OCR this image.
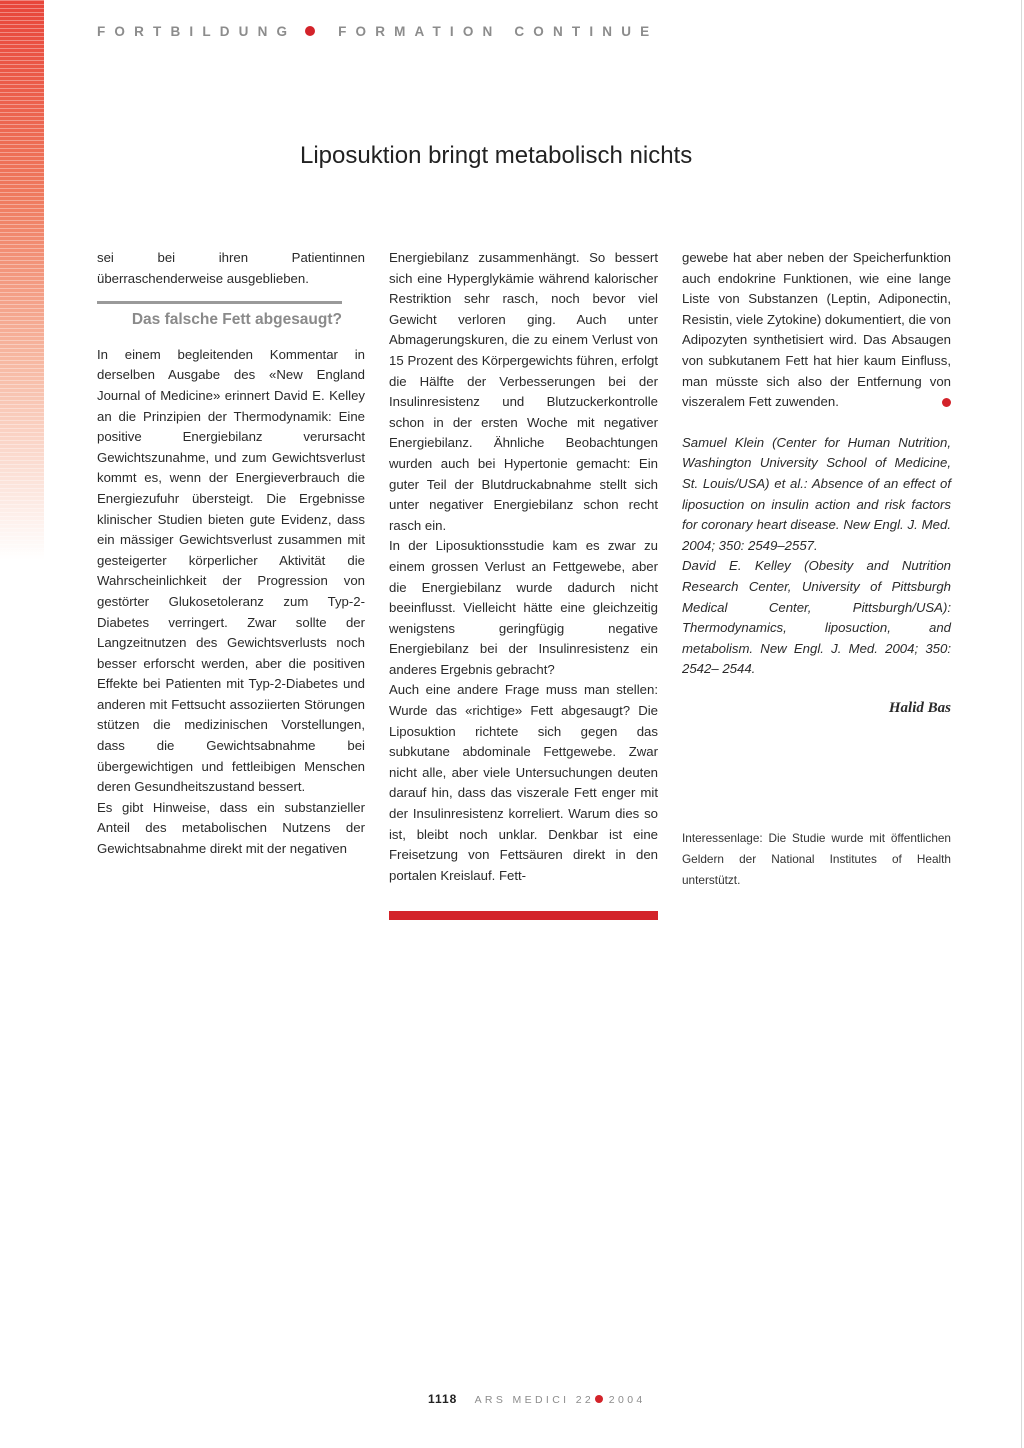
FORTBILDUNG	FORMATION CONTINUE
Liposuktion bringt metabolisch nichts

sei bei ihren Patientinnen überraschenderweise ausgeblieben.

Das falsche Fett abgesaugt?

In einem begleitenden Kommentar in derselben Ausgabe des «New England Journal of Medicine» erinnert David E. Kelley an die Prinzipien der Thermodynamik: Eine positive Energiebilanz verursacht Gewichtszunahme, und zum Gewichtsverlust kommt es, wenn der Energieverbrauch die Energiezufuhr übersteigt. Die Ergebnisse klinischer Studien bieten gute Evidenz, dass ein mässiger Gewichtsverlust zusammen mit gesteigerter körperlicher Aktivität die Wahrscheinlichkeit der Progression von gestörter Glukosetoleranz zum Typ-2-Diabetes verringert. Zwar sollte der Langzeitnutzen des Gewichtsverlusts noch besser erforscht werden, aber die positiven Effekte bei Patienten mit Typ-2-Diabetes und anderen mit Fettsucht assoziierten Störungen stützen die medizinischen Vorstellungen, dass die Gewichtsabnahme bei übergewichtigen und fettleibigen Menschen deren Gesundheitszustand bessert.

Es gibt Hinweise, dass ein substanzieller Anteil des metabolischen Nutzens der Gewichtsabnahme direkt mit der negativen

Energiebilanz zusammenhängt. So bessert sich eine Hyperglykämie während kalorischer Restriktion sehr rasch, noch bevor viel Gewicht verloren ging. Auch unter Abmagerungskuren, die zu einem Verlust von 15 Prozent des Körpergewichts führen, erfolgt die Hälfte der Verbesserungen bei der Insulinresistenz und Blutzuckerkontrolle schon in der ersten Woche mit negativer Energiebilanz. Ähnliche Beobachtungen wurden auch bei Hypertonie gemacht: Ein guter Teil der Blutdruckabnahme stellt sich unter negativer Energiebilanz schon recht rasch ein.

In der Liposuktionsstudie kam es zwar zu einem grossen Verlust an Fettgewebe, aber die Energiebilanz wurde dadurch nicht beeinflusst. Vielleicht hätte eine gleichzeitig wenigstens geringfügig negative Energiebilanz bei der Insulinresistenz ein anderes Ergebnis gebracht?

Auch eine andere Frage muss man stellen: Wurde das «richtige» Fett abgesaugt? Die Liposuktion richtete sich gegen das subkutane abdominale Fettgewebe. Zwar nicht alle, aber viele Untersuchungen deuten darauf hin, dass das viszerale Fett enger mit der Insulinresistenz korreliert. Warum dies so ist, bleibt noch unklar. Denkbar ist eine Freisetzung von Fettsäuren direkt in den portalen Kreislauf. Fett-

gewebe hat aber neben der Speicherfunktion auch endokrine Funktionen, wie eine lange Liste von Substanzen (Leptin, Adiponectin, Resistin, viele Zytokine) dokumentiert, die von Adipozyten synthetisiert wird. Das Absaugen von subkutanem Fett hat hier kaum Einfluss, man müsste sich also der Entfernung von viszeralem Fett zuwenden.

Samuel Klein (Center for Human Nutrition, Washington University School of Medicine, St. Louis/USA) et al.: Absence of an effect of liposuction on insulin action and risk factors for coronary heart disease. New Engl. J. Med. 2004; 350: 2549–2557.

David E. Kelley (Obesity and Nutrition Research Center, University of Pittsburgh Medical Center, Pittsburgh/USA): Thermodynamics, liposuction, and metabolism. New Engl. J. Med. 2004; 350: 2542– 2544.

Halid Bas

Interessenlage: Die Studie wurde mit öffentlichen Geldern der National Institutes of Health unterstützt.
1118 ARS MEDICI 22 2004
